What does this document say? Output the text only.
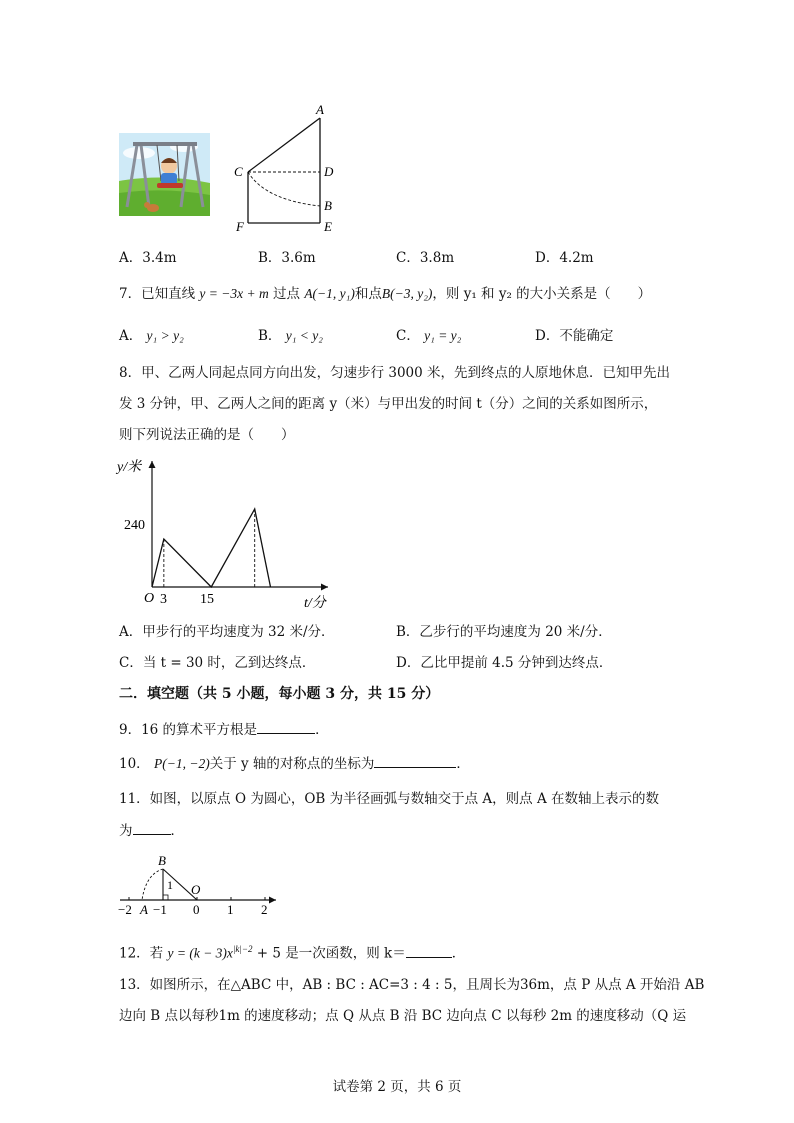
A
C	D
B
F	E
A．3.4m	B．3.6m	C．3.8m	D．4.2m
7．已知直线 y = −3x + m 过点 A(−1, y₁)和点B(−3, y₂)，则 y₁ 和 y₂ 的大小关系是（　　）
A． y₁ > y₂	B． y₁ < y₂	C． y₁ = y₂	D．不能确定
8．甲、乙两人同起点同方向出发，匀速步行 3000 米，先到终点的人原地休息．已知甲先出
发 3 分钟，甲、乙两人之间的距离 y（米）与甲出发的时间 t（分）之间的关系如图所示，
则下列说法正确的是（　　）
y/米
t/分
O 3 15
240
A．甲步行的平均速度为 32 米/分．	B．乙步行的平均速度为 20 米/分．
C．当 t = 30 时，乙到达终点．	D．乙比甲提前 4.5 分钟到达终点．
二．填空题（共 5 小题，每小题 3 分，共 15 分）
9．16 的算术平方根是	．
10． P(−1, −2)关于 y 轴的对称点的坐标为	．
11．如图，以原点 O 为圆心，OB 为半径画弧与数轴交于点 A，则点 A 在数轴上表示的数
为	．
B
1 O
−2 A −1 0 1 2
12．若 $y = (k - 3)x^{|k|-2} + 5$ 是一次函数，则 k＝	．
13．如图所示，在△ABC 中，AB : BC : AC=3 : 4 : 5，且周长为36m，点 P 从点 A 开始沿 AB
边向 B 点以每秒1m 的速度移动；点 Q 从点 B 沿 BC 边向点 C 以每秒 2m 的速度移动（Q 运
试卷第 2 页，共 6 页
